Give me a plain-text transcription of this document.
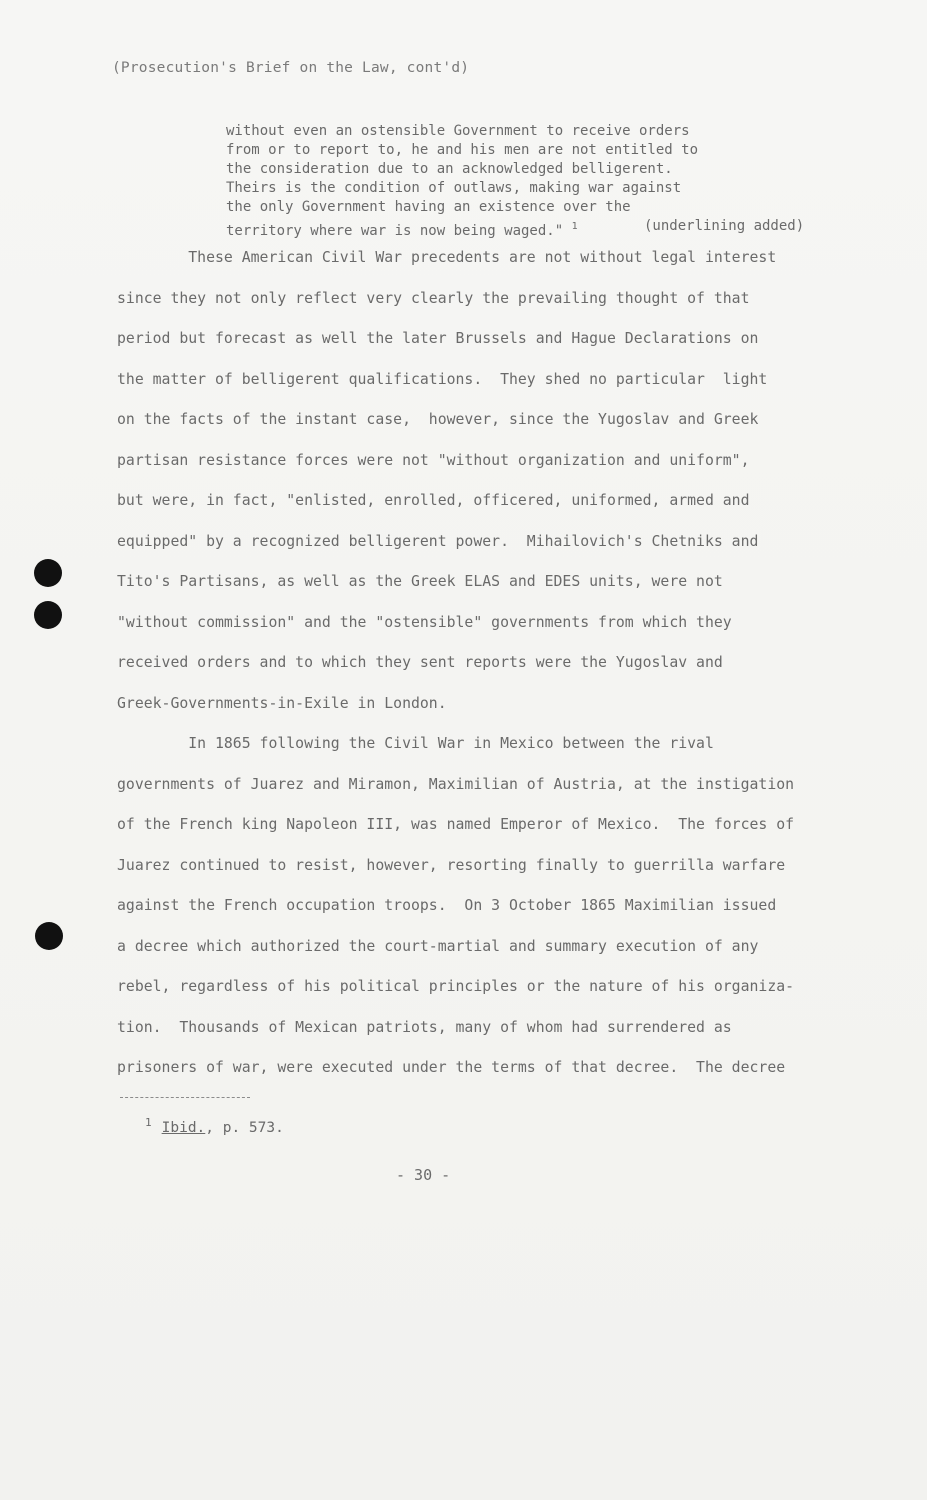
(Prosecution's Brief on the Law, cont'd)
without even an ostensible Government to receive orders
from or to report to, he and his men are not entitled to
the consideration due to an acknowledged belligerent.
Theirs is the condition of outlaws, making war against
the only Government having an existence over the
territory where war is now being waged." $^1$	(underlining added)
These American Civil War precedents are not without legal interest
since they not only reflect very clearly the prevailing thought of that
period but forecast as well the later Brussels and Hague Declarations on
the matter of belligerent qualifications.  They shed no particular  light
on the facts of the instant case,  however, since the Yugoslav and Greek
partisan resistance forces were not "without organization and uniform",
but were, in fact, "enlisted, enrolled, officered, uniformed, armed and
equipped" by a recognized belligerent power.  Mihailovich's Chetniks and
Tito's Partisans, as well as the Greek ELAS and EDES units, were not
"without commission" and the "ostensible" governments from which they
received orders and to which they sent reports were the Yugoslav and
Greek-Governments-in-Exile in London.
In 1865 following the Civil War in Mexico between the rival
governments of Juarez and Miramon, Maximilian of Austria, at the instigation
of the French king Napoleon III, was named Emperor of Mexico.  The forces of
Juarez continued to resist, however, resorting finally to guerrilla warfare
against the French occupation troops.  On 3 October 1865 Maximilian issued
a decree which authorized the court-martial and summary execution of any
rebel, regardless of his political principles or the nature of his organiza-
tion.  Thousands of Mexican patriots, many of whom had surrendered as
prisoners of war, were executed under the terms of that decree.  The decree
$^1$ Ibid., p. 573.
- 30 -
